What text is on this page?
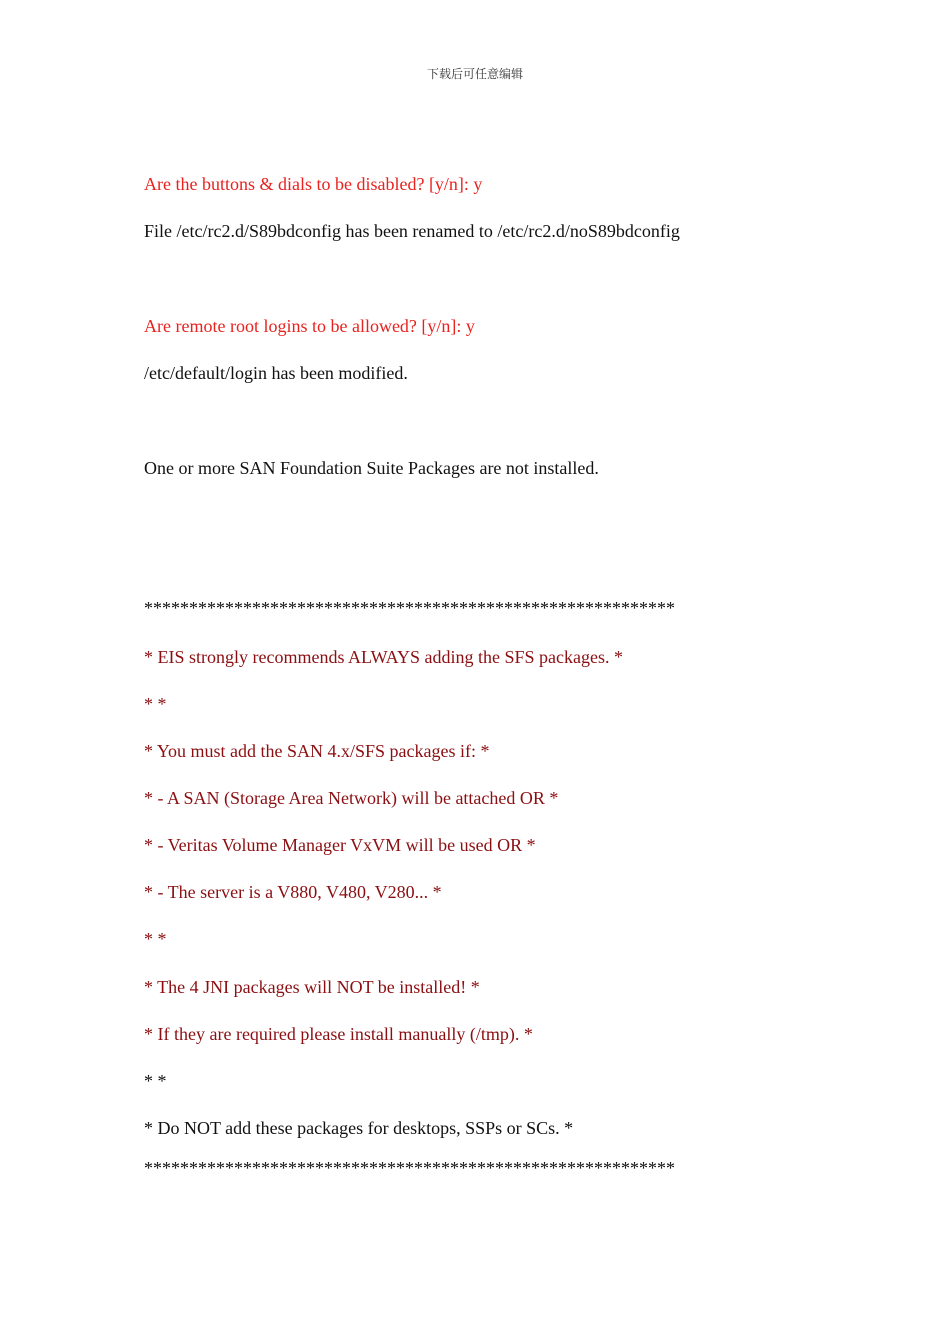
下载后可任意编辑
Are the buttons & dials to be disabled? [y/n]: y
File /etc/rc2.d/S89bdconfig has been renamed to /etc/rc2.d/noS89bdconfig
Are remote root logins to be allowed? [y/n]: y
/etc/default/login has been modified.
One or more SAN Foundation Suite Packages are not installed.
***********************************************************
* EIS strongly recommends ALWAYS adding the SFS packages. *
* *
* You must add the SAN 4.x/SFS packages if: *
* - A SAN (Storage Area Network) will be attached OR *
* - Veritas Volume Manager VxVM will be used OR *
* - The server is a V880, V480, V280... *
* *
* The 4 JNI packages will NOT be installed! *
* If they are required please install manually (/tmp). *
* *
* Do NOT add these packages for desktops, SSPs or SCs. *
***********************************************************
